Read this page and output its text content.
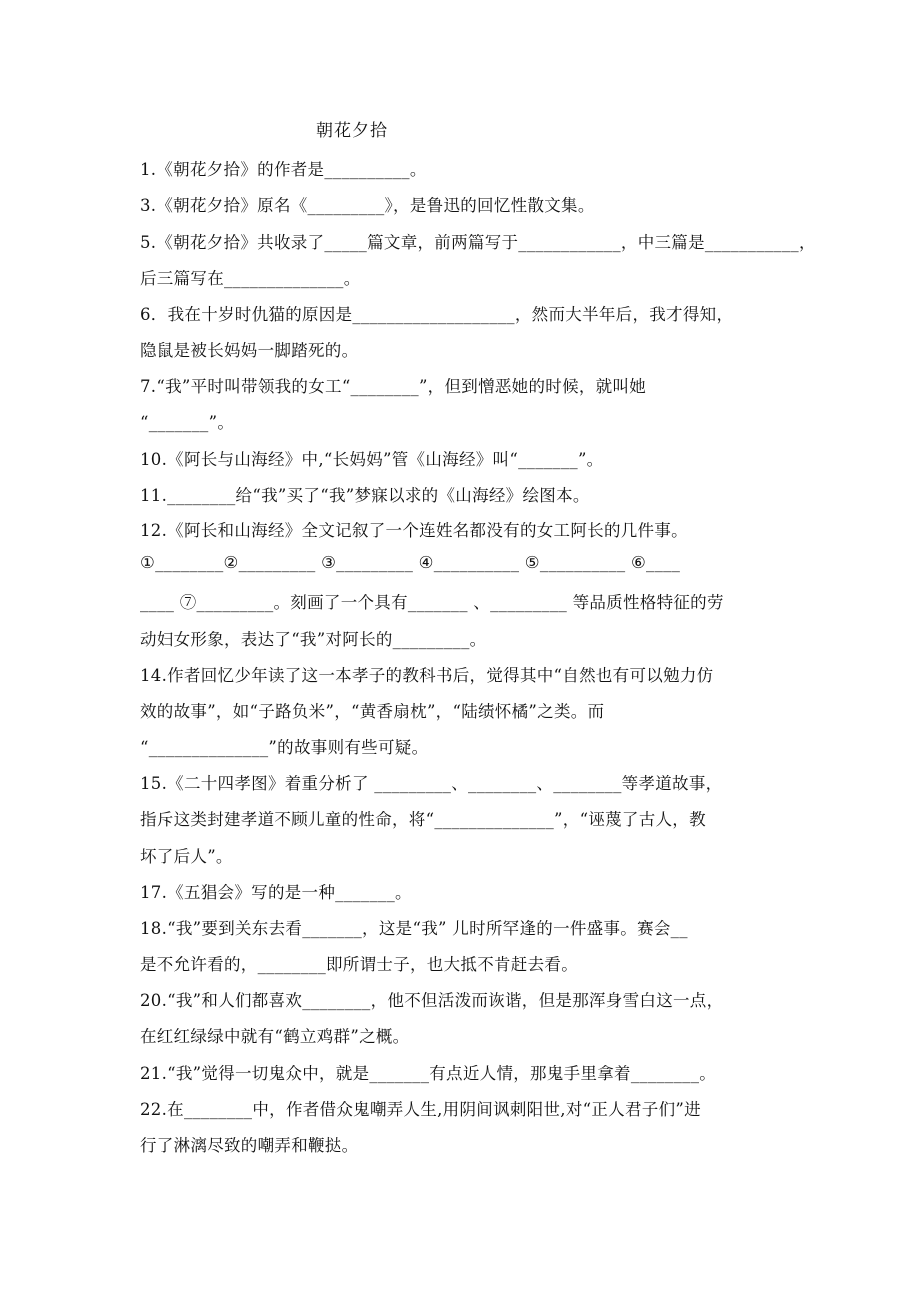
朝花夕拾
1.《朝花夕拾》的作者是__________。
3.《朝花夕拾》原名《_________》，是鲁迅的回忆性散文集。
5.《朝花夕拾》共收录了_____篇文章，前两篇写于____________，中三篇是___________，
后三篇写在______________。
6．我在十岁时仇猫的原因是___________________，然而大半年后，我才得知，
隐鼠是被长妈妈一脚踏死的。
7.“我”平时叫带领我的女工“________”，但到憎恶她的时候，就叫她
“_______”。
10.《阿长与山海经》中,“长妈妈”管《山海经》叫“_______”。
11.________给“我”买了“我”梦寐以求的《山海经》绘图本。
12.《阿长和山海经》全文记叙了一个连姓名都没有的女工阿长的几件事。
①________②_________ ③_________ ④__________ ⑤__________ ⑥____
____ ⑦_________。刻画了一个具有_______ 、_________ 等品质性格特征的劳
动妇女形象，表达了“我”对阿长的_________。
14.作者回忆少年读了这一本孝子的教科书后，觉得其中“自然也有可以勉力仿
效的故事”，如“子路负米”，“黄香扇枕”，“陆绩怀橘”之类。而
“______________”的故事则有些可疑。
15.《二十四孝图》着重分析了 _________、________、________等孝道故事，
指斥这类封建孝道不顾儿童的性命，将“______________”，“诬蔑了古人，教
坏了后人”。
17.《五猖会》写的是一种_______。
18.“我”要到关东去看_______，这是“我” 儿时所罕逢的一件盛事。赛会__
是不允许看的，________即所谓士子，也大抵不肯赶去看。
20.“我”和人们都喜欢________，他不但活泼而诙谐，但是那浑身雪白这一点，
在红红绿绿中就有“鹤立鸡群”之概。
21.“我”觉得一切鬼众中，就是_______有点近人情，那鬼手里拿着________。
22.在________中，作者借众鬼嘲弄人生,用阴间讽刺阳世,对“正人君子们”进
行了淋漓尽致的嘲弄和鞭挞。
